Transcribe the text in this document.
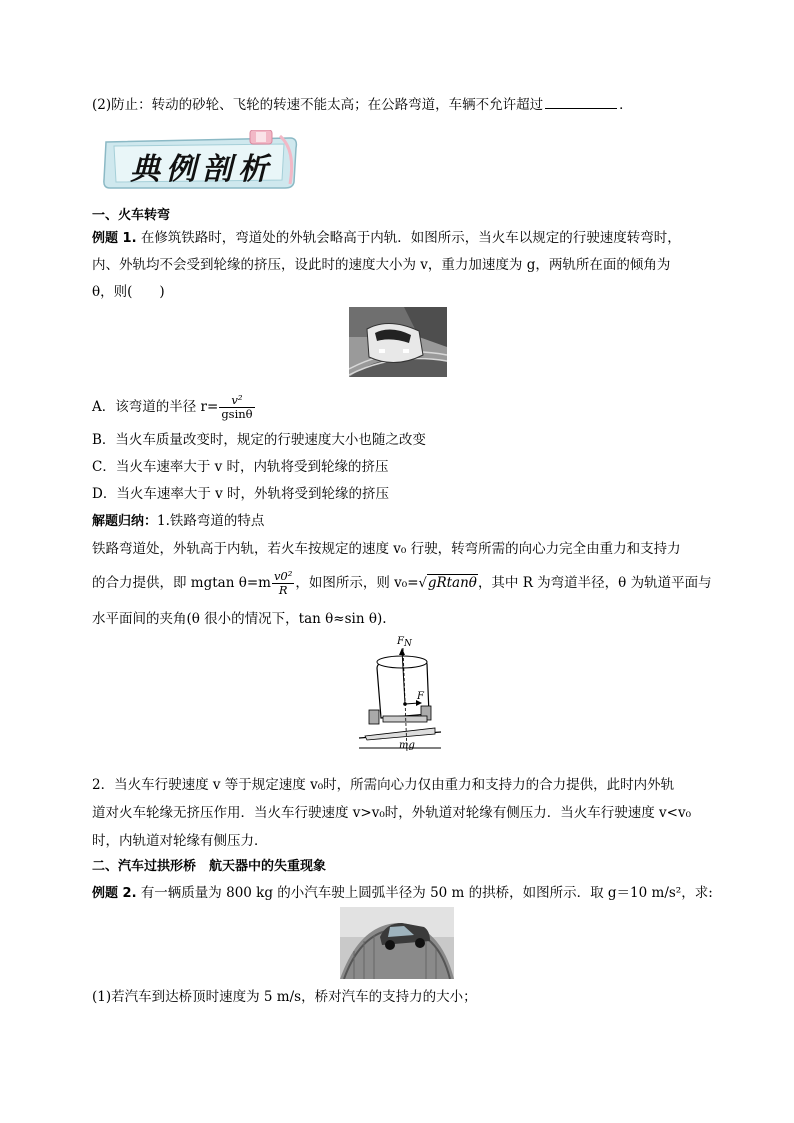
(2)防止：转动的砂轮、飞轮的转速不能太高；在公路弯道，车辆不允许超过	．
典例剖析
一、火车转弯
例题 1. 在修筑铁路时，弯道处的外轨会略高于内轨．如图所示，当火车以规定的行驶速度转弯时，
内、外轨均不会受到轮缘的挤压，设此时的速度大小为 v，重力加速度为 g，两轨所在面的倾角为
θ，则(　　)
A．该弯道的半径 $r= \frac{\text{v²}}{gsin\theta}$
B．当火车质量改变时，规定的行驶速度大小也随之改变
C．当火车速率大于 v 时，内轨将受到轮缘的挤压
D．当火车速率大于 v 时，外轨将受到轮缘的挤压
解题归纳：1.铁路弯道的特点
铁路弯道处，外轨高于内轨，若火车按规定的速度 v₀ 行驶，转弯所需的向心力完全由重力和支持力
的合力提供，即 mgtan $\theta=m \frac{\text{v0²}}{R}$ ，如图所示，则 v₀=√gRtanθ，其中 R 为弯道半径，θ 为轨道平面与
水平面间的夹角(θ 很小的情况下，tan θ≈sin θ).
FN
F
mg
2．当火车行驶速度 v 等于规定速度 v₀时，所需向心力仅由重力和支持力的合力提供，此时内外轨
道对火车轮缘无挤压作用．当火车行驶速度 v>v₀时，外轨道对轮缘有侧压力．当火车行驶速度 v<v₀
时，内轨道对轮缘有侧压力．
二、汽车过拱形桥　航天器中的失重现象
例题 2. 有一辆质量为 800 kg 的小汽车驶上圆弧半径为 50 m 的拱桥，如图所示．取 g＝10 m/s²，求:
(1)若汽车到达桥顶时速度为 5 m/s，桥对汽车的支持力的大小；
